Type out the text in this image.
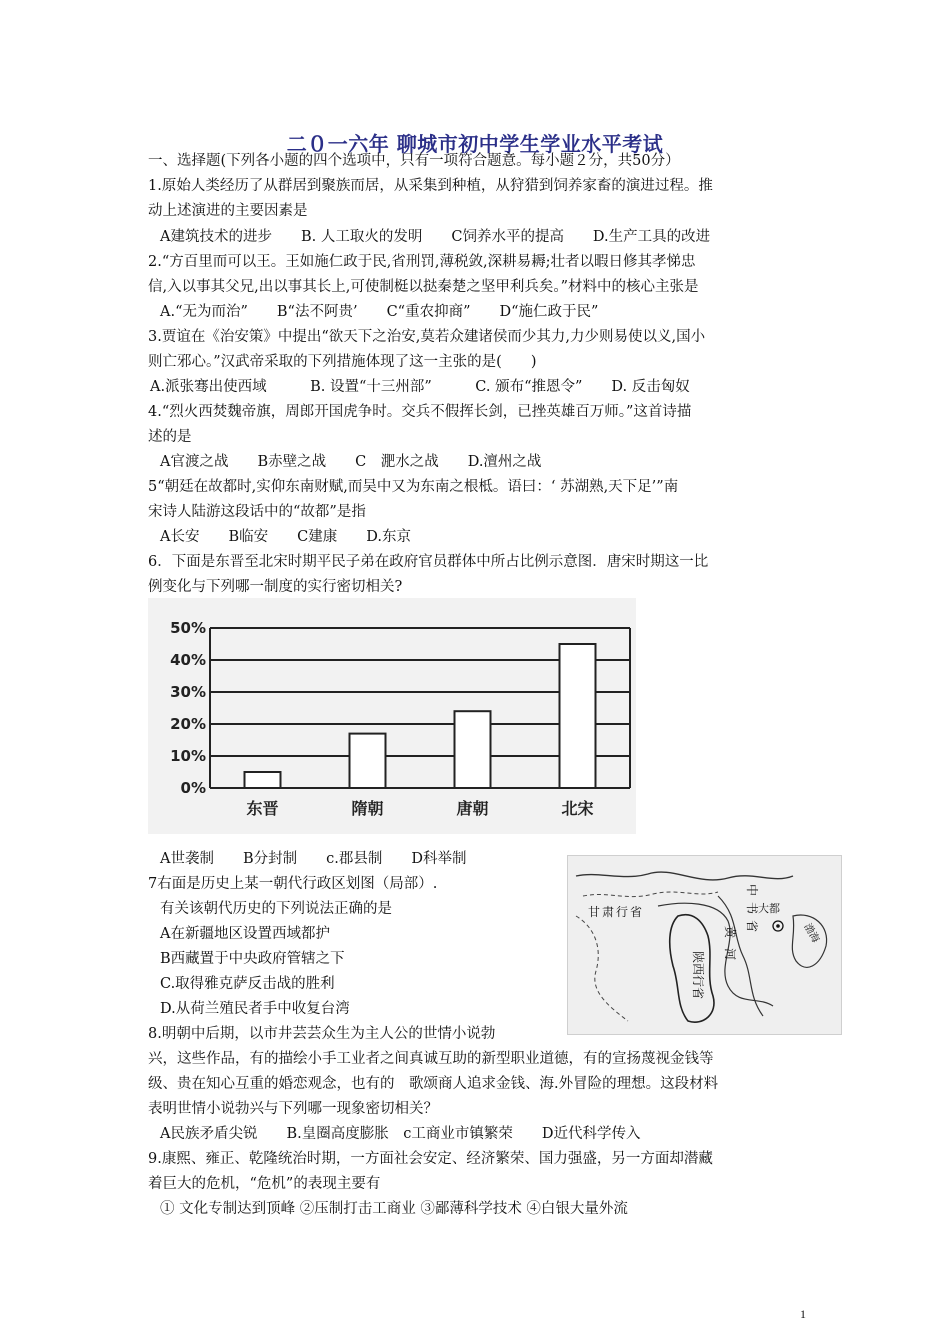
二０一六年 聊城市初中学生学业水平考试
一、选择题(下列各小题的四个选项中，只有一项符合题意。每小题２分，共50分）
1.原始人类经历了从群居到聚族而居，从采集到种植，从狩猎到饲养家畜的演进过程。推
动上述演进的主要因素是
A建筑技术的进步　　B. 人工取火的发明　　C饲养水平的提高　　D.生产工具的改进
2.“方百里而可以王。王如施仁政于民,省刑罚,薄税敛,深耕易耨;壮者以暇日修其孝悌忠
信,入以事其父兄,出以事其长上,可使制梃以挞秦楚之坚甲利兵矣。”材料中的核心主张是
A.“无为而治”　　B“法不阿贵’　　C“重农抑商”　　D“施仁政于民”
3.贾谊在《治安策》中提出“欲天下之治安,莫若众建诸侯而少其力,力少则易使以义,国小
则亡邪心。”汉武帝采取的下列措施体现了这一主张的是(　　)
A.派张骞出使西域　　　B. 设置“十三州部”　　　C. 颁布“推恩令”　　D. 反击匈奴
4.“烈火西焚魏帝旗，周郎开国虎争时。交兵不假挥长剑，已挫英雄百万师。”这首诗描
述的是
A官渡之战　　B赤壁之战　　C　淝水之战　　D.澶州之战
5“朝廷在故都时,实仰东南财赋,而吴中又为东南之根柢。语曰：‘ 苏湖熟,天下足’”南
宋诗人陆游这段话中的“故都”是指
A长安　　B临安　　C建康　　D.东京
6．下面是东晋至北宋时期平民子弟在政府官员群体中所占比例示意图．唐宋时期这一比
例变化与下列哪一制度的实行密切相关?
0%
10%
20%
30%
40%
50%
东晋	隋朝	唐朝	北宋
A世袭制　　B分封制　　c.郡县制　　D科举制
7右面是历史上某一朝代行政区划图（局部）.
有关该朝代历史的下列说法正确的是
A在新疆地区设置西域都护
B西藏置于中央政府管辖之下
C.取得雅克萨反击战的胜利
D.从荷兰殖民者手中收复台湾
甘肃行省
陕西行省
中书省
黄河
大都
渤海
8.明朝中后期，以市井芸芸众生为主人公的世情小说勃
兴，这些作品，有的描绘小手工业者之间真诚互助的新型职业道德，有的宣扬蔑视金钱等
级、贵在知心互重的婚恋观念，也有的　歌颂商人追求金钱、海.外冒险的理想。这段材料
表明世情小说勃兴与下列哪一现象密切相关？
A民族矛盾尖锐　　B.皇圈高度膨胀　c工商业市镇繁荣　　D近代科学传入
9.康熙、雍正、乾隆统治时期，一方面社会安定、经济繁荣、国力强盛，另一方面却潜藏
着巨大的危机，“危机”的表现主要有
① 文化专制达到顶峰 ②压制打击工商业 ③鄙薄科学技术 ④白银大量外流
1
